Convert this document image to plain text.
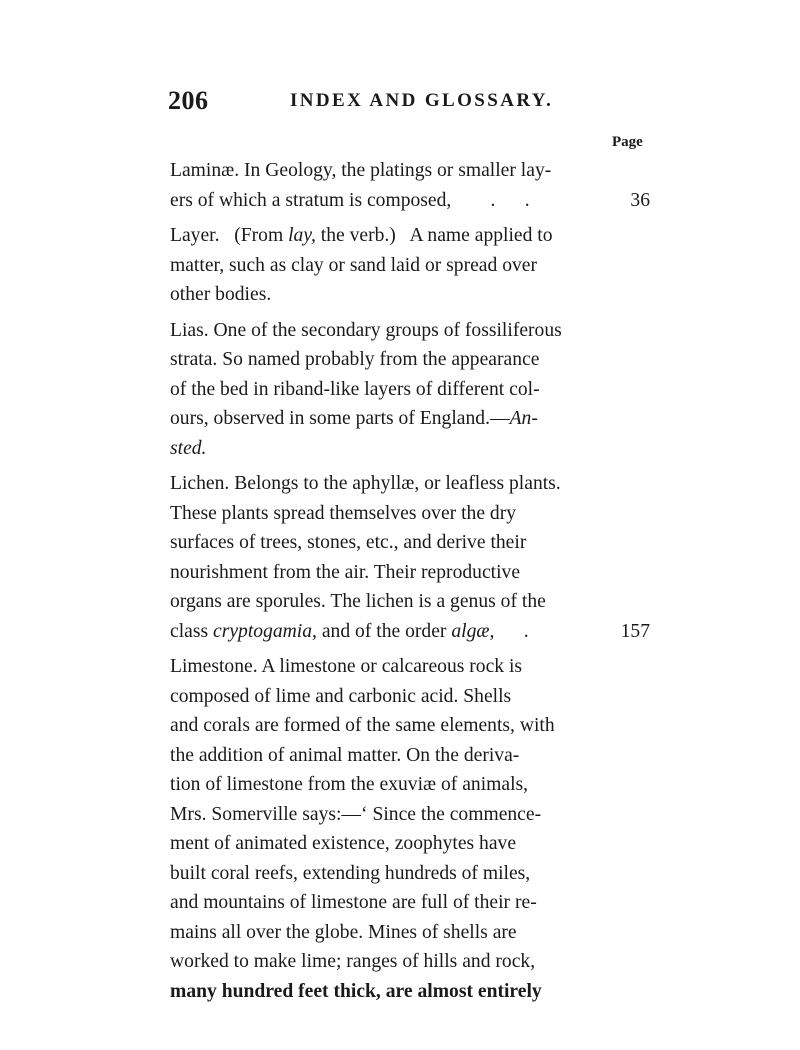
206	INDEX AND GLOSSARY.
Page
Laminæ. In Geology, the platings or smaller lay-
ers of which a stratum is composed,        .      .	36
Layer.   (From lay, the verb.)   A name applied to
matter, such as clay or sand laid or spread over
other bodies.
Lias. One of the secondary groups of fossiliferous
strata. So named probably from the appearance
of the bed in riband-like layers of different col-
ours, observed in some parts of England.—An-
sted.
Lichen. Belongs to the aphyllæ, or leafless plants.
These plants spread themselves over the dry
surfaces of trees, stones, etc., and derive their
nourishment from the air. Their reproductive
organs are sporules. The lichen is a genus of the
class cryptogamia, and of the order algæ,      .	157
Limestone. A limestone or calcareous rock is
composed of lime and carbonic acid. Shells
and corals are formed of the same elements, with
the addition of animal matter. On the deriva-
tion of limestone from the exuviæ of animals,
Mrs. Somerville says:—‘ Since the commence-
ment of animated existence, zoophytes have
built coral reefs, extending hundreds of miles,
and mountains of limestone are full of their re-
mains all over the globe. Mines of shells are
worked to make lime; ranges of hills and rock,
many hundred feet thick, are almost entirely
